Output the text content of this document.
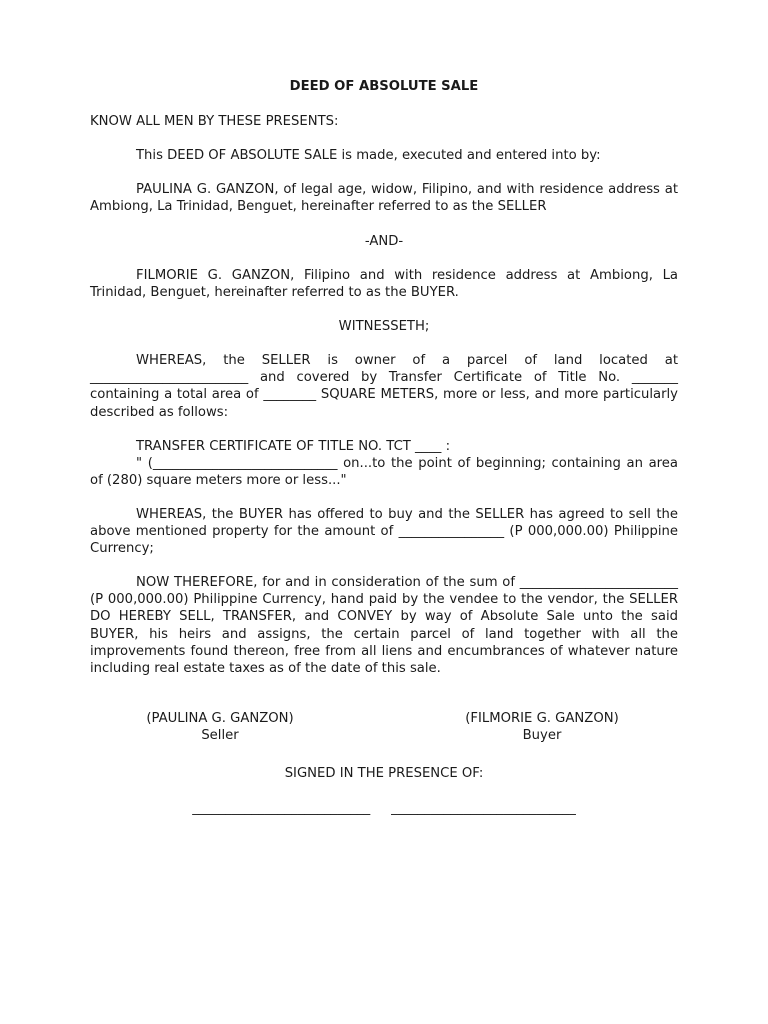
DEED OF ABSOLUTE SALE

KNOW ALL MEN BY THESE PRESENTS:

This DEED OF ABSOLUTE SALE is made, executed and entered into by:

PAULINA G. GANZON, of legal age, widow, Filipino, and with residence address at Ambiong, La Trinidad, Benguet, hereinafter referred to as the SELLER

-AND-

FILMORIE G. GANZON, Filipino and with residence address at Ambiong, La Trinidad, Benguet, hereinafter referred to as the BUYER.

WITNESSETH;

WHEREAS, the SELLER is owner of a parcel of land located at ________________________ and covered by Transfer Certificate of Title No. _______ containing a total area of ________ SQUARE METERS, more or less, and more particularly described as follows:

TRANSFER CERTIFICATE OF TITLE NO. TCT ____ :

" (____________________________ on...to the point of beginning; containing an area of (280) square meters more or less..."

WHEREAS, the BUYER has offered to buy and the SELLER has agreed to sell the above mentioned property for the amount of ________________ (P 000,000.00) Philippine Currency;

NOW THEREFORE, for and in consideration of the sum of ________________________ (P 000,000.00) Philippine Currency, hand paid by the vendee to the vendor, the SELLER DO HEREBY SELL, TRANSFER, and CONVEY by way of Absolute Sale unto the said BUYER, his heirs and assigns, the certain parcel of land together with all the improvements found thereon, free from all liens and encumbrances of whatever nature including real estate taxes as of the date of this sale.

(PAULINA G. GANZON)
Seller
(FILMORIE G. GANZON)
Buyer
SIGNED IN THE PRESENCE OF:
___________________________     ____________________________
